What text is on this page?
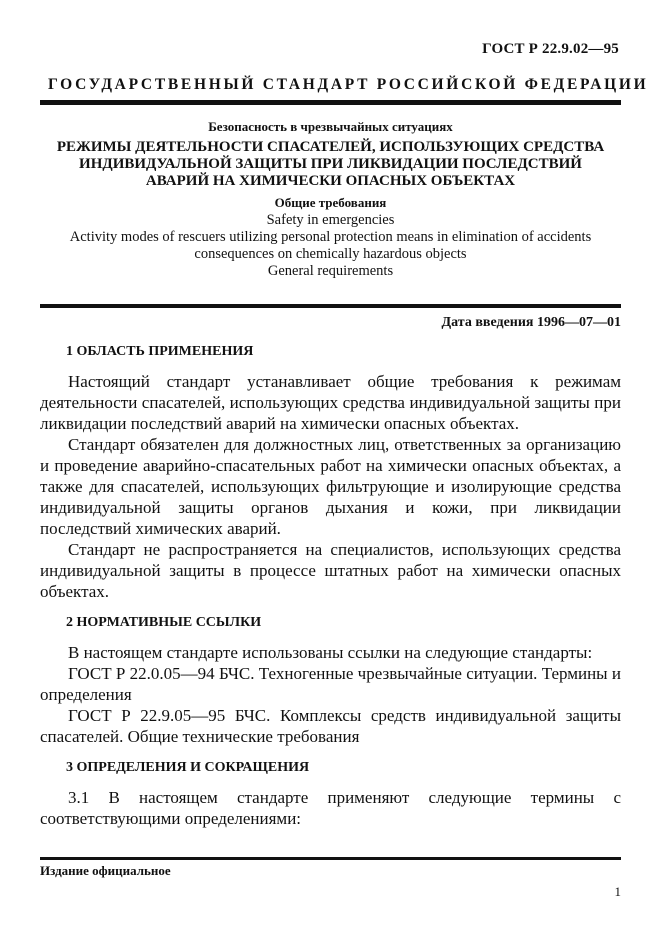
ГОСТ Р 22.9.02—95
ГОСУДАРСТВЕННЫЙ СТАНДАРТ РОССИЙСКОЙ ФЕДЕРАЦИИ
Безопасность в чрезвычайных ситуациях
РЕЖИМЫ ДЕЯТЕЛЬНОСТИ СПАСАТЕЛЕЙ, ИСПОЛЬЗУЮЩИХ СРЕДСТВА
ИНДИВИДУАЛЬНОЙ ЗАЩИТЫ ПРИ ЛИКВИДАЦИИ ПОСЛЕДСТВИЙ
АВАРИЙ НА ХИМИЧЕСКИ ОПАСНЫХ ОБЪЕКТАХ
Общие требования
Safety in emergencies
Activity modes of rescuers utilizing personal protection means in elimination of accidents
consequences on chemically hazardous objects
General requirements
Дата введения 1996—07—01
1 ОБЛАСТЬ ПРИМЕНЕНИЯ

Настоящий стандарт устанавливает общие требования к режимам деятельности спасателей, использующих средства индивидуальной защиты при ликвидации последствий аварий на химически опасных объектах.

Стандарт обязателен для должностных лиц, ответственных за организацию и проведение аварийно-спасательных работ на химически опасных объектах, а также для спасателей, использующих фильтрующие и изолирующие средства индивидуальной защиты органов дыхания и кожи, при ликвидации последствий химических аварий.

Стандарт не распространяется на специалистов, использующих средства индивидуальной защиты в процессе штатных работ на химически опасных объектах.

2 НОРМАТИВНЫЕ ССЫЛКИ

В настоящем стандарте использованы ссылки на следующие стандарты:

ГОСТ Р 22.0.05—94 БЧС. Техногенные чрезвычайные ситуации. Термины и определения

ГОСТ Р 22.9.05—95 БЧС. Комплексы средств индивидуальной защиты спасателей. Общие технические требования

3 ОПРЕДЕЛЕНИЯ И СОКРАЩЕНИЯ

3.1 В настоящем стандарте применяют следующие термины с соответствующими определениями:

Издание официальное
1
